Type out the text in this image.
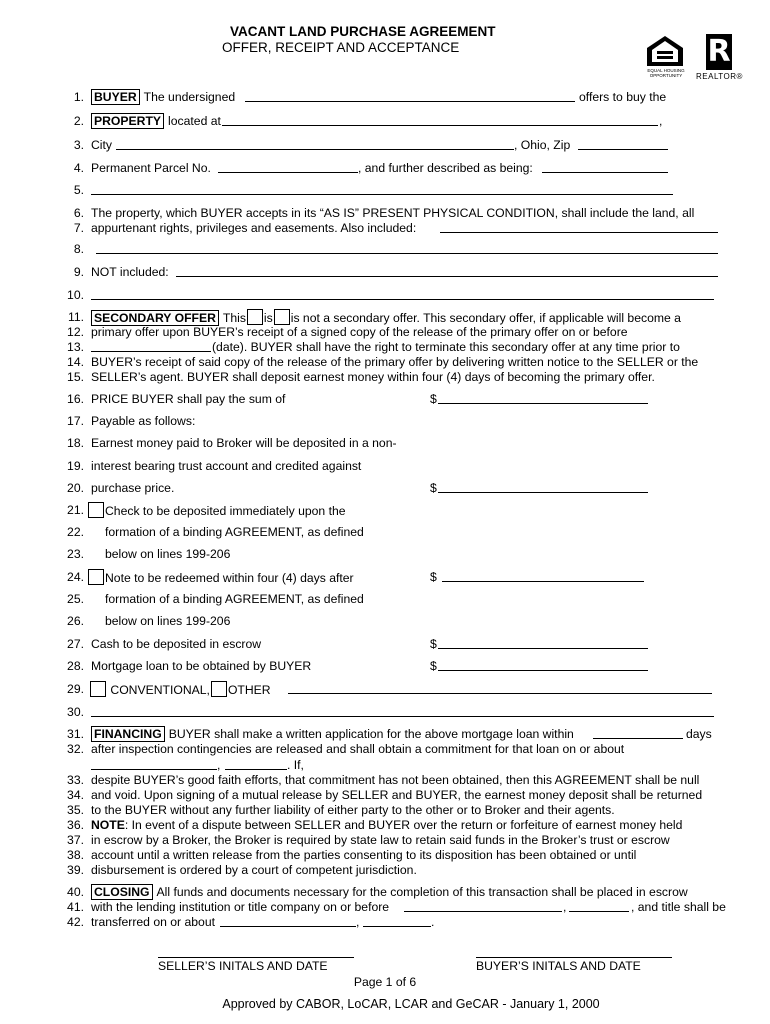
VACANT LAND PURCHASE AGREEMENT
OFFER, RECEIPT AND ACCEPTANCE
EQUAL HOUSING OPPORTUNITY
R
REALTOR®
1. BUYER The undersigned	offers to buy the
2. PROPERTY located at	,
3. City	, Ohio, Zip
4. Permanent Parcel No.	, and further described as being:
5.
6. The property, which BUYER accepts in its “AS IS” PRESENT PHYSICAL CONDITION, shall include the land, all
7. appurtenant rights, privileges and easements. Also included:
8.
9. NOT included:
10.
11. SECONDARY OFFER This is is not a secondary offer. This secondary offer, if applicable will become a
12. primary offer upon BUYER’s receipt of a signed copy of the release of the primary offer on or before
13.	(date). BUYER shall have the right to terminate this secondary offer at any time prior to
14. BUYER’s receipt of said copy of the release of the primary offer by delivering written notice to the SELLER or the
15. SELLER’s agent. BUYER shall deposit earnest money within four (4) days of becoming the primary offer.
16. PRICE BUYER shall pay the sum of	$
17. Payable as follows:
18. Earnest money paid to Broker will be deposited in a non-
19. interest bearing trust account and credited against
20. purchase price.	$
21.	Check to be deposited immediately upon the
22. formation of a binding AGREEMENT, as defined
23. below on lines 199-206
24.	Note to be redeemed within four (4) days after	$
25. formation of a binding AGREEMENT, as defined
26. below on lines 199-206
27. Cash to be deposited in escrow	$
28. Mortgage loan to be obtained by BUYER	$
29.	CONVENTIONAL, OTHER
30.
31. FINANCING BUYER shall make a written application for the above mortgage loan within	days
32. after inspection contingencies are released and shall obtain a commitment for that loan on or about
,	. If,
33. despite BUYER’s good faith efforts, that commitment has not been obtained, then this AGREEMENT shall be null
34. and void. Upon signing of a mutual release by SELLER and BUYER, the earnest money deposit shall be returned
35. to the BUYER without any further liability of either party to the other or to Broker and their agents.
36. NOTE: In event of a dispute between SELLER and BUYER over the return or forfeiture of earnest money held
37. in escrow by a Broker, the Broker is required by state law to retain said funds in the Broker’s trust or escrow
38. account until a written release from the parties consenting to its disposition has been obtained or until
39. disbursement is ordered by a court of competent jurisdiction.
40. CLOSING All funds and documents necessary for the completion of this transaction shall be placed in escrow
41. with the lending institution or title company on or before	,	, and title shall be
42. transferred on or about	,	.
SELLER’S INITALS AND DATE	BUYER’S INITALS AND DATE
Page 1 of 6
Approved by CABOR, LoCAR, LCAR and GeCAR - January 1, 2000
